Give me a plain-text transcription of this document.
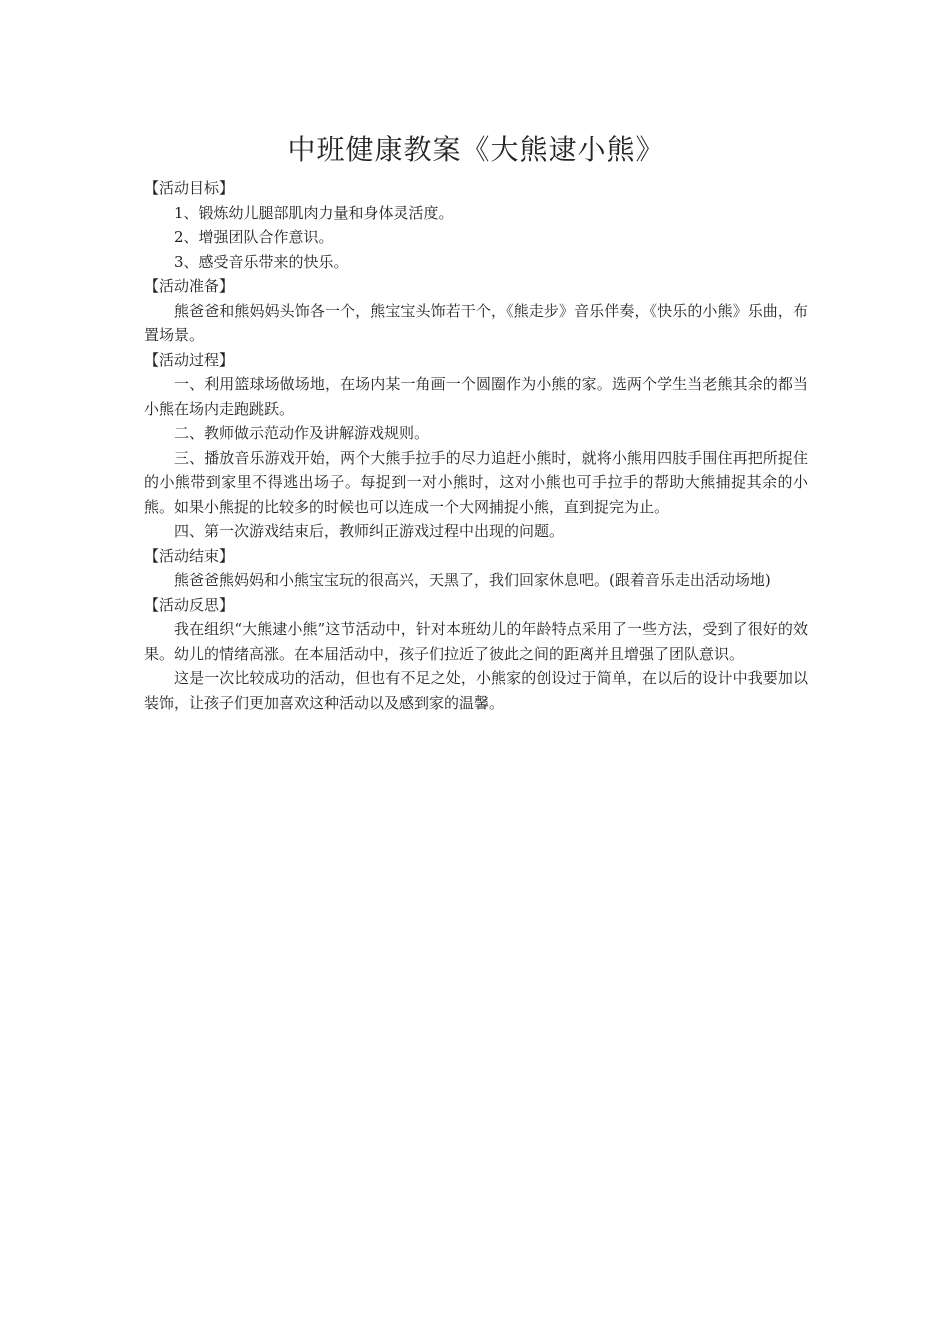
中班健康教案《大熊逮小熊》

【活动目标】

1、锻炼幼儿腿部肌肉力量和身体灵活度。

2、增强团队合作意识。

3、感受音乐带来的快乐。

【活动准备】

熊爸爸和熊妈妈头饰各一个，熊宝宝头饰若干个，《熊走步》音乐伴奏，《快乐的小熊》乐曲，布置场景。

【活动过程】

一、利用篮球场做场地，在场内某一角画一个圆圈作为小熊的家。选两个学生当老熊其余的都当小熊在场内走跑跳跃。

二、教师做示范动作及讲解游戏规则。

三、播放音乐游戏开始，两个大熊手拉手的尽力追赶小熊时，就将小熊用四肢手围住再把所捉住的小熊带到家里不得逃出场子。每捉到一对小熊时，这对小熊也可手拉手的帮助大熊捕捉其余的小熊。如果小熊捉的比较多的时候也可以连成一个大网捕捉小熊，直到捉完为止。

四、第一次游戏结束后，教师纠正游戏过程中出现的问题。

【活动结束】

熊爸爸熊妈妈和小熊宝宝玩的很高兴，天黑了，我们回家休息吧。(跟着音乐走出活动场地)

【活动反思】

我在组织“大熊逮小熊”这节活动中，针对本班幼儿的年龄特点采用了一些方法，受到了很好的效果。幼儿的情绪高涨。在本届活动中，孩子们拉近了彼此之间的距离并且增强了团队意识。

这是一次比较成功的活动，但也有不足之处，小熊家的创设过于简单，在以后的设计中我要加以装饰，让孩子们更加喜欢这种活动以及感到家的温馨。
